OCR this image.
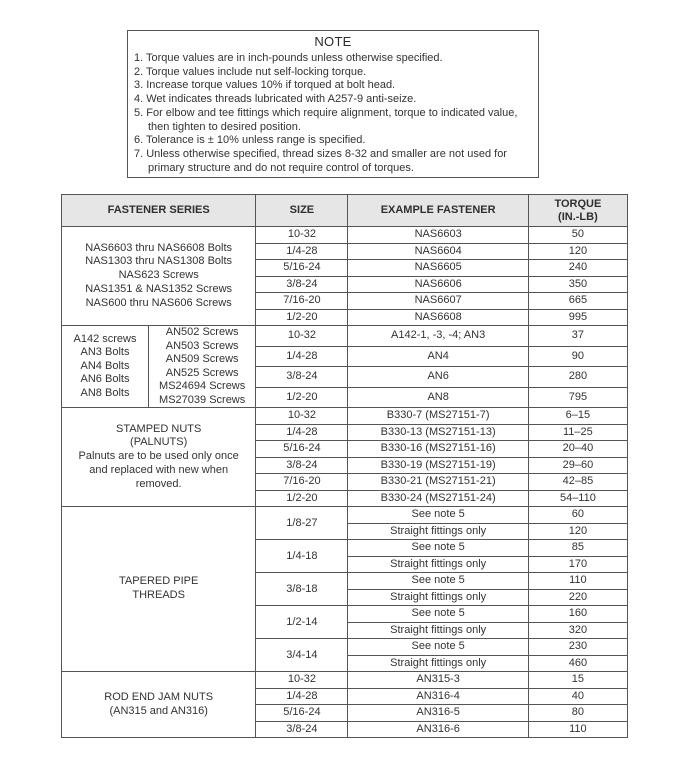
NOTE
1. Torque values are in inch-pounds unless otherwise specified.
2. Torque values include nut self-locking torque.
3. Increase torque values 10% if torqued at bolt head.
4. Wet indicates threads lubricated with A257-9 anti-seize.
5. For elbow and tee fittings which require alignment, torque to indicated value, then tighten to desired position.
6. Tolerance is ± 10% unless range is specified.
7. Unless otherwise specified, thread sizes 8-32 and smaller are not used for primary structure and do not require control of torques.
FASTENER SERIES	SIZE	EXAMPLE FASTENER	TORQUE
(IN.-LB)

NAS6603 thru NAS6608 Bolts
NAS1303 thru NAS1308 Bolts
NAS623 Screws
NAS1351 & NAS1352 Screws
NAS600 thru NAS606 Screws	10-32	NAS6603	50
	1/4-28	NAS6604	120
	5/16-24	NAS6605	240
	3/8-24	NAS6606	350
	7/16-20	NAS6607	665
	1/2-20	NAS6608	995

A142 screws
AN3 Bolts
AN4 Bolts
AN6 Bolts
AN8 Bolts
AN502 Screws
AN503 Screws
AN509 Screws
AN525 Screws
MS24694 Screws
MS27039 Screws
	10-32	A142-1, -3, -4; AN3	37
	1/4-28	AN4	90
	3/8-24	AN6	280
	1/2-20	AN8	795

STAMPED NUTS
(PALNUTS)
Palnuts are to be used only once
and replaced with new when
removed.	10-32	B330-7 (MS27151-7)	6–15
	1/4-28	B330-13 (MS27151-13)	11–25
	5/16-24	B330-16 (MS27151-16)	20–40
	3/8-24	B330-19 (MS27151-19)	29–60
	7/16-20	B330-21 (MS27151-21)	42–85
	1/2-20	B330-24 (MS27151-24)	54–110

TAPERED PIPE
THREADS	1/8-27	See note 5	60
		Straight fittings only	120
	1/4-18	See note 5	85
		Straight fittings only	170
	3/8-18	See note 5	110
		Straight fittings only	220
	1/2-14	See note 5	160
		Straight fittings only	320
	3/4-14	See note 5	230
		Straight fittings only	460

ROD END JAM NUTS
(AN315 and AN316)	10-32	AN315-3	15
	1/4-28	AN316-4	40
	5/16-24	AN316-5	80
	3/8-24	AN316-6	110
